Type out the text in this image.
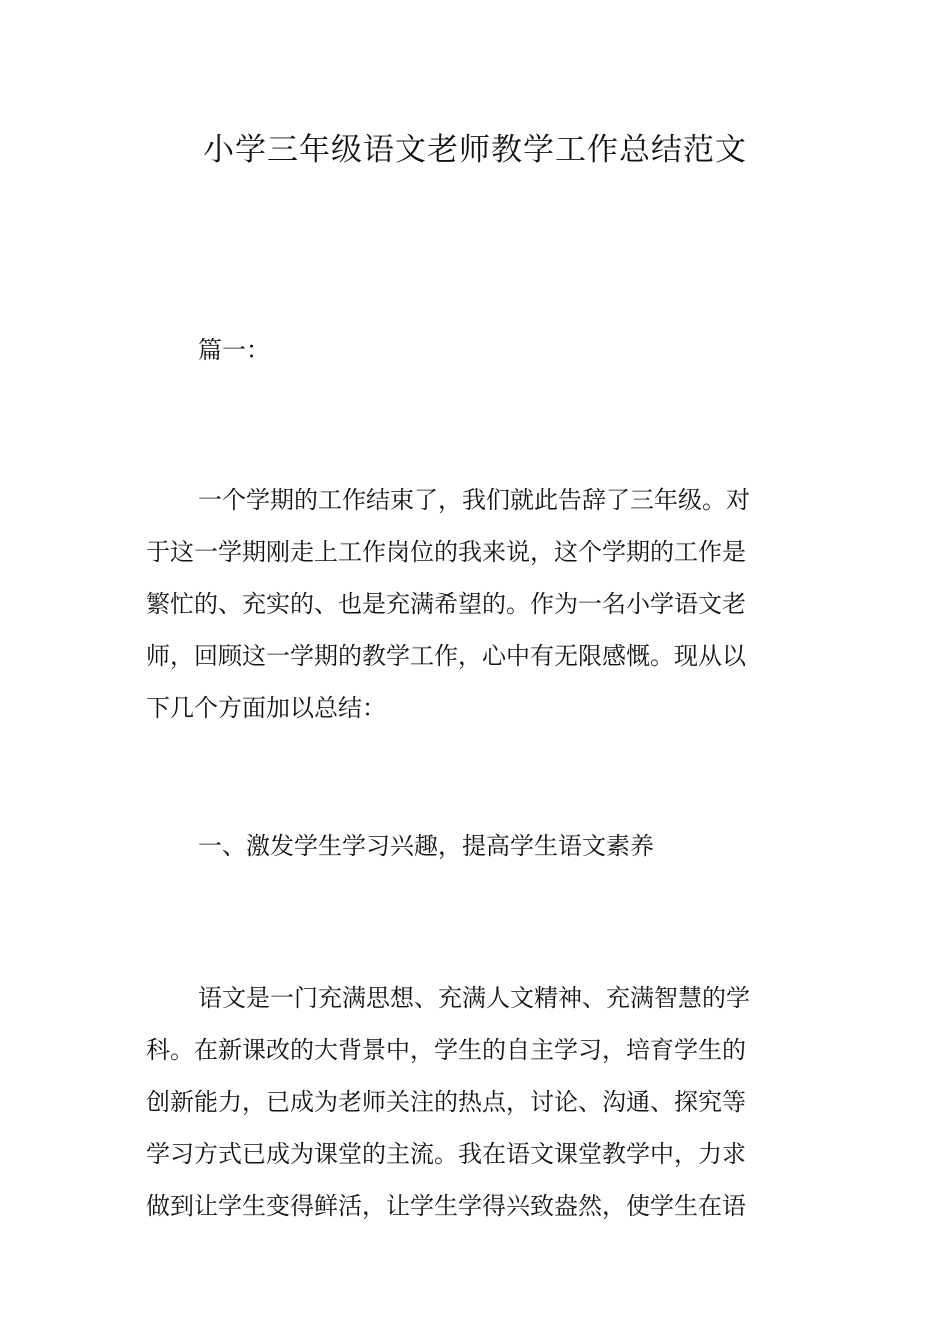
小学三年级语文老师教学工作总结范文

篇一：

一个学期的工作结束了，我们就此告辞了三年级。对
于这一学期刚走上工作岗位的我来说，这个学期的工作是
繁忙的、充实的、也是充满希望的。作为一名小学语文老
师，回顾这一学期的教学工作，心中有无限感慨。现从以
下几个方面加以总结：

一、激发学生学习兴趣，提高学生语文素养

语文是一门充满思想、充满人文精神、充满智慧的学
科。在新课改的大背景中，学生的自主学习，培育学生的
创新能力，已成为老师关注的热点，讨论、沟通、探究等
学习方式已成为课堂的主流。我在语文课堂教学中，力求
做到让学生变得鲜活，让学生学得兴致盎然，使学生在语
